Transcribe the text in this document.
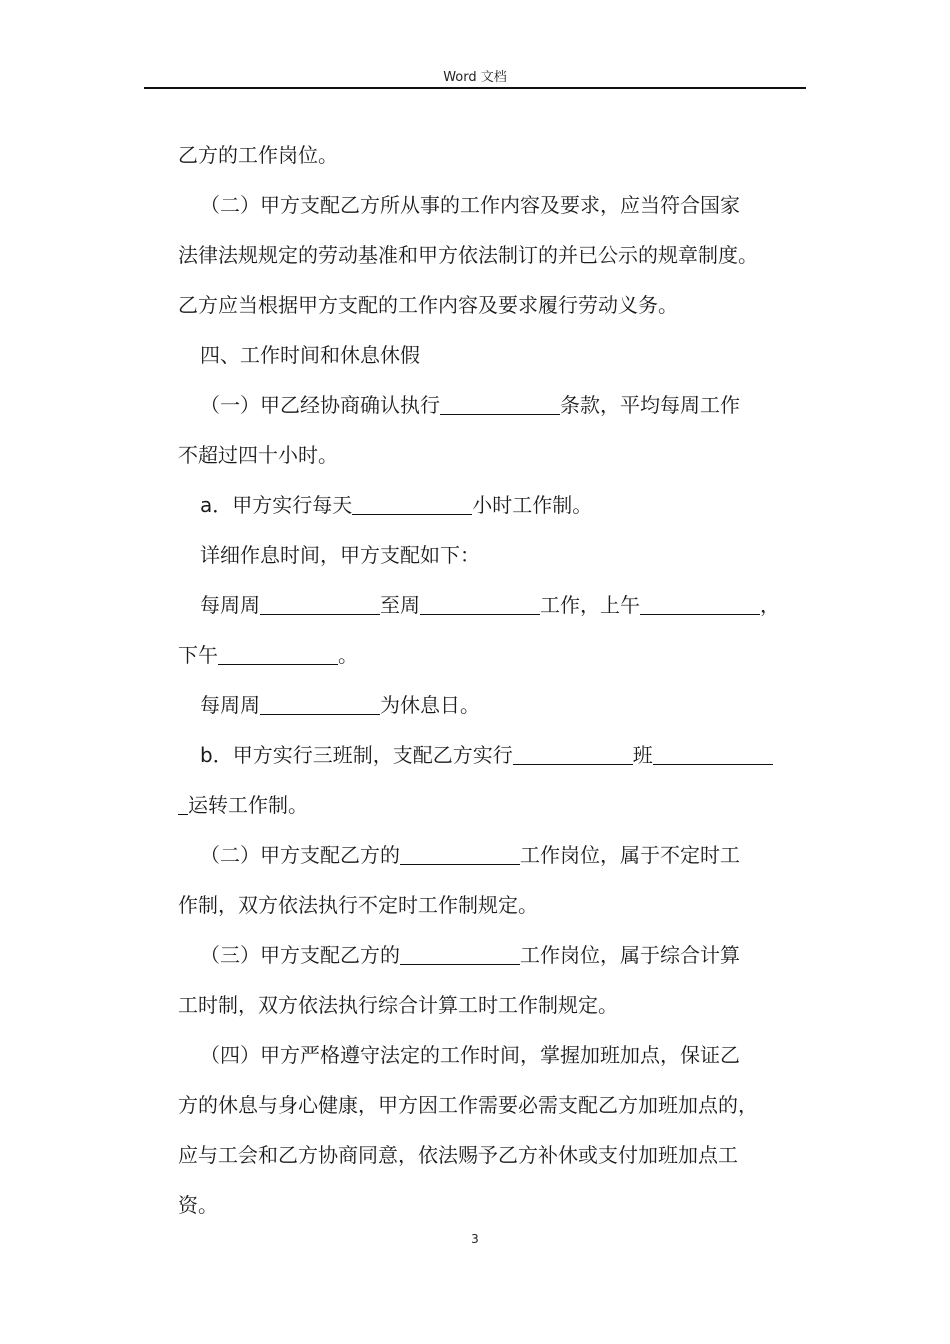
Word 文档
乙方的工作岗位。
（二）甲方支配乙方所从事的工作内容及要求，应当符合国家
法律法规规定的劳动基准和甲方依法制订的并已公示的规章制度。
乙方应当根据甲方支配的工作内容及要求履行劳动义务。
四、工作时间和休息休假
（一）甲乙经协商确认执行	条款，平均每周工作
不超过四十小时。
a．甲方实行每天	小时工作制。
详细作息时间，甲方支配如下：
每周周	至周	工作，上午	，
下午	。
每周周	为休息日。
b．甲方实行三班制，支配乙方实行	班
运转工作制。
（二）甲方支配乙方的	工作岗位，属于不定时工
作制，双方依法执行不定时工作制规定。
（三）甲方支配乙方的	工作岗位，属于综合计算
工时制，双方依法执行综合计算工时工作制规定。
（四）甲方严格遵守法定的工作时间，掌握加班加点，保证乙
方的休息与身心健康，甲方因工作需要必需支配乙方加班加点的，
应与工会和乙方协商同意，依法赐予乙方补休或支付加班加点工
资。
3
